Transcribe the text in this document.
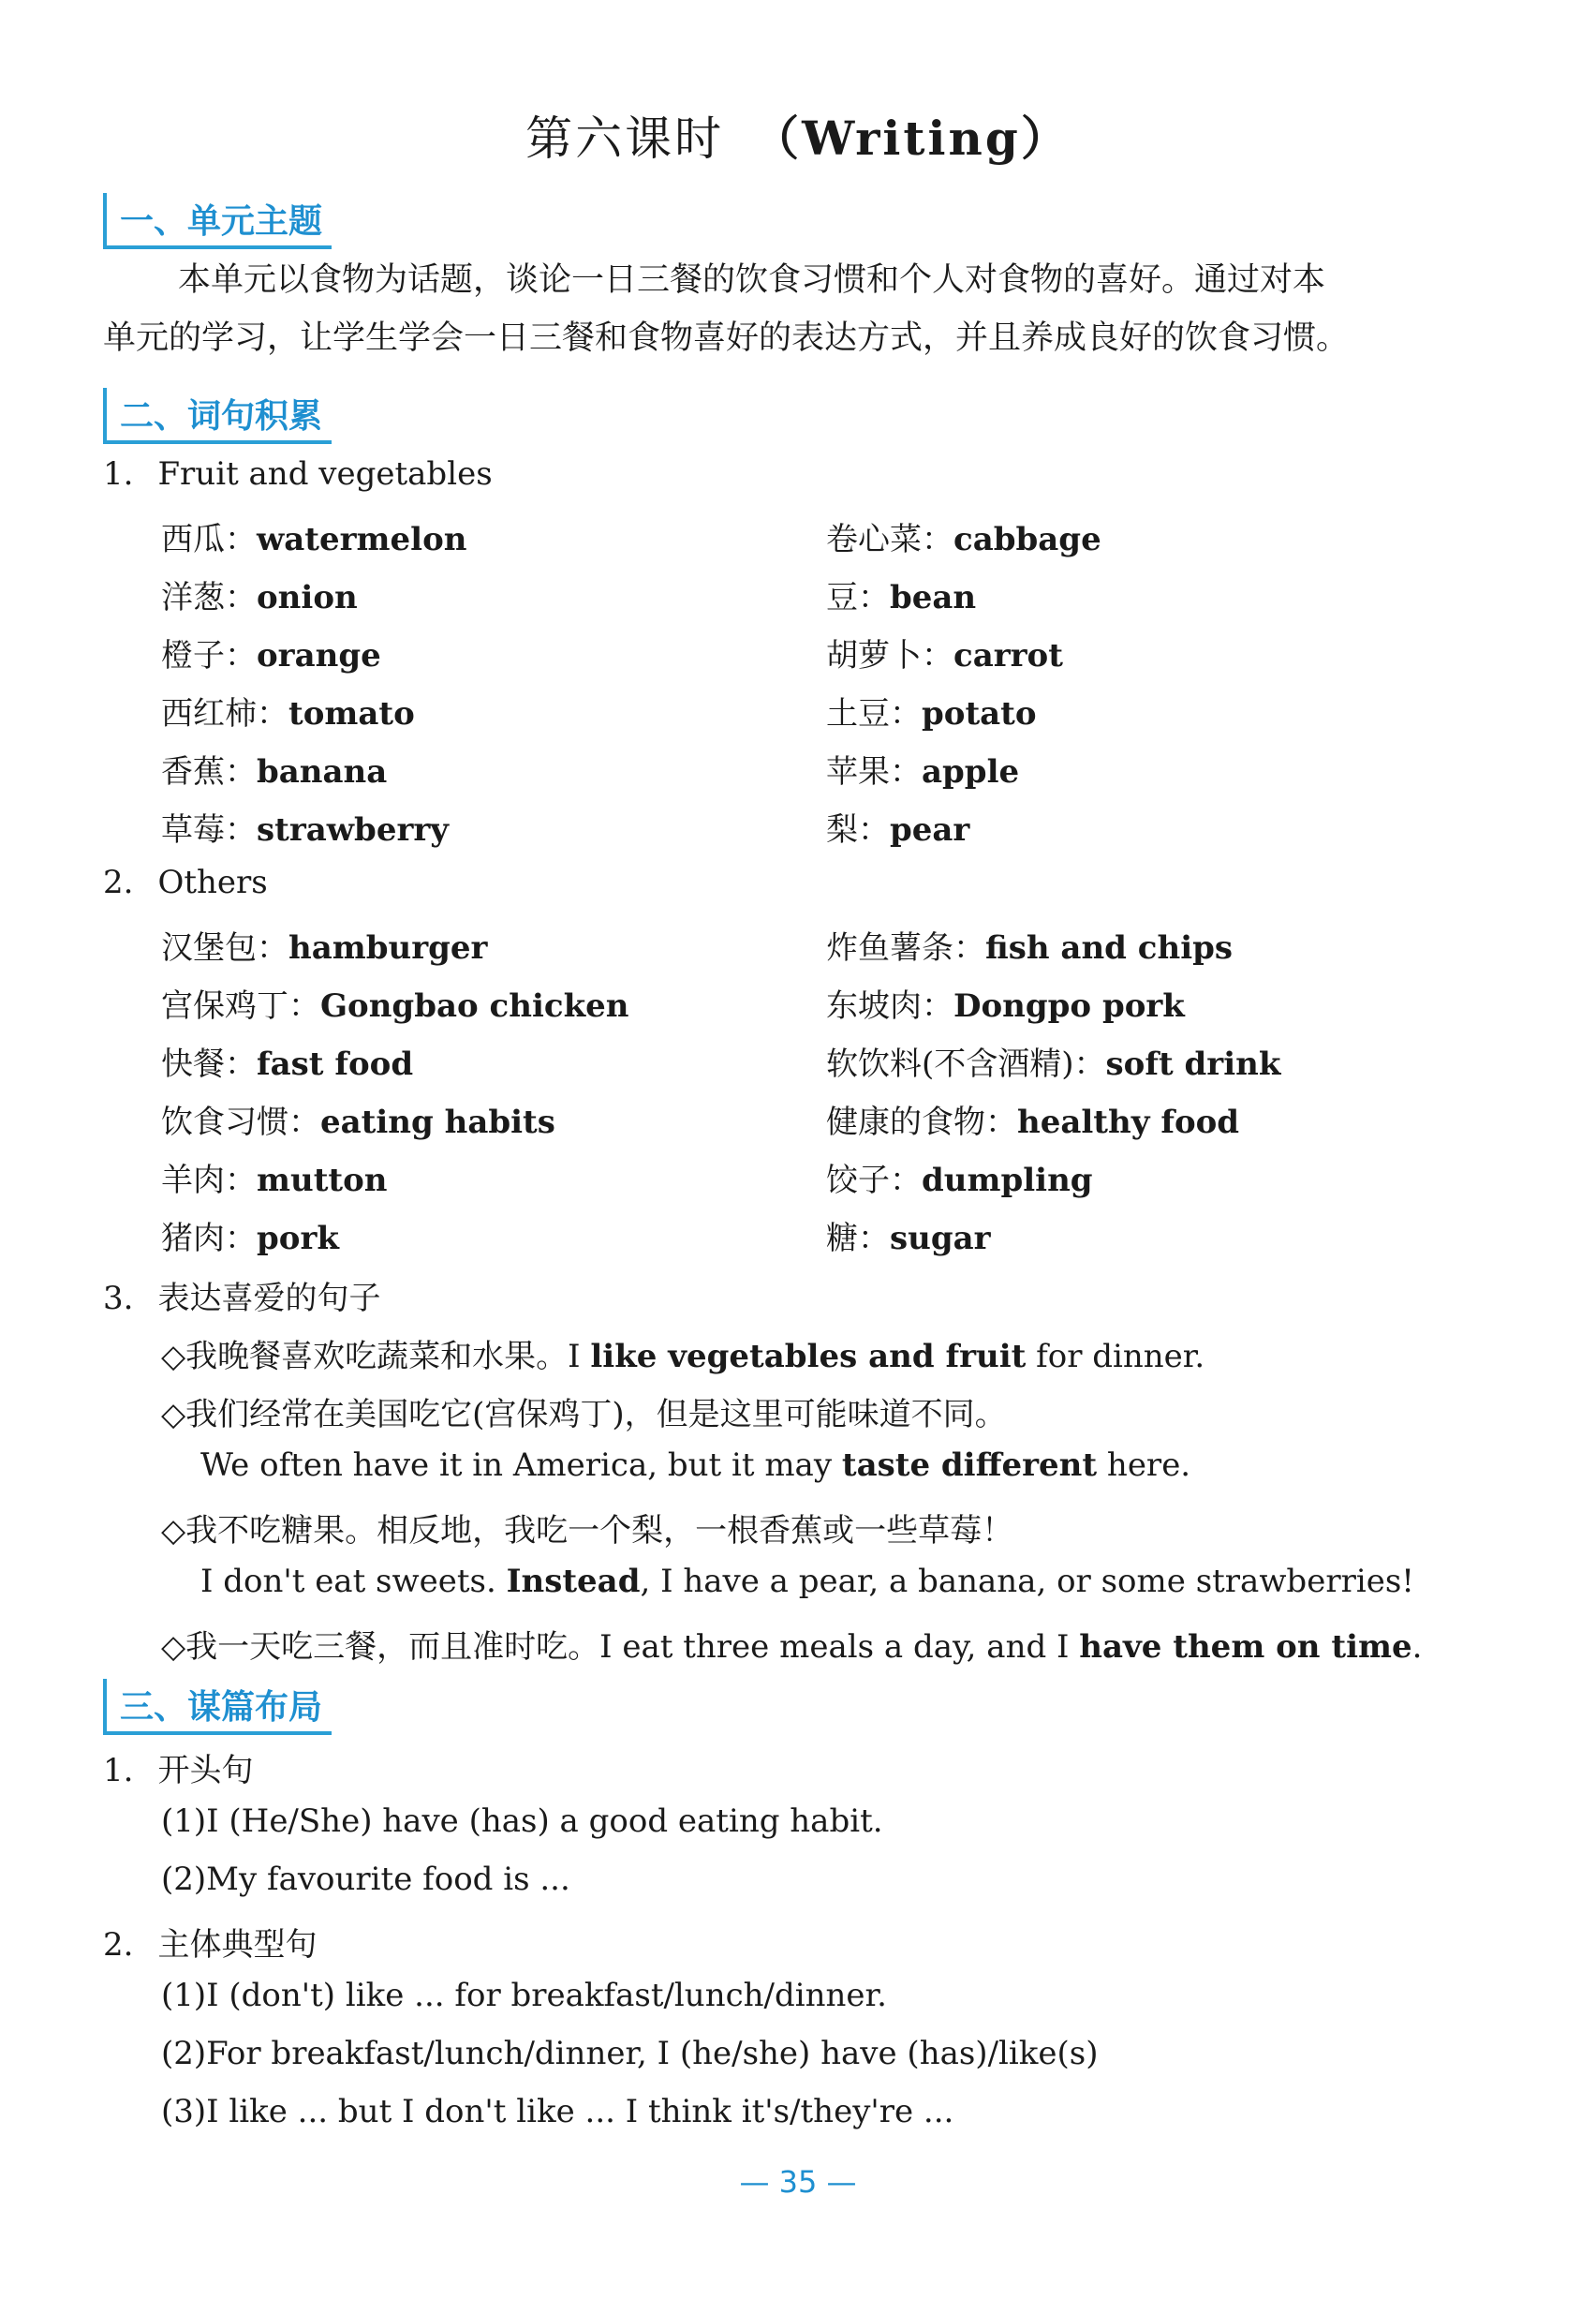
第六课时 （Writing）
一、单元主题
本单元以食物为话题，谈论一日三餐的饮食习惯和个人对食物的喜好。通过对本
单元的学习，让学生学会一日三餐和食物喜好的表达方式，并且养成良好的饮食习惯。
二、词句积累
1. Fruit and vegetables
西瓜：watermelon	卷心菜：cabbage
洋葱：onion	豆：bean
橙子：orange	胡萝卜：carrot
西红柿：tomato	土豆：potato
香蕉：banana	苹果：apple
草莓：strawberry	梨：pear
2. Others
汉堡包：hamburger	炸鱼薯条：fish and chips
宫保鸡丁：Gongbao chicken	东坡肉：Dongpo pork
快餐：fast food	软饮料(不含酒精)：soft drink
饮食习惯：eating habits	健康的食物：healthy food
羊肉：mutton	饺子：dumpling
猪肉：pork	糖：sugar
3. 表达喜爱的句子
◇我晚餐喜欢吃蔬菜和水果。I like vegetables and fruit for dinner.
◇我们经常在美国吃它(宫保鸡丁)，但是这里可能味道不同。
We often have it in America, but it may taste different here.
◇我不吃糖果。相反地，我吃一个梨，一根香蕉或一些草莓！
I don't eat sweets. Instead, I have a pear, a banana, or some strawberries!
◇我一天吃三餐，而且准时吃。I eat three meals a day, and I have them on time.
三、谋篇布局
1. 开头句
(1)I (He/She) have (has) a good eating habit.
(2)My favourite food is ...
2. 主体典型句
(1)I (don't) like ... for breakfast/lunch/dinner.
(2)For breakfast/lunch/dinner, I (he/she) have (has)/like(s)
(3)I like ... but I don't like ... I think it's/they're ...
— 35 —
